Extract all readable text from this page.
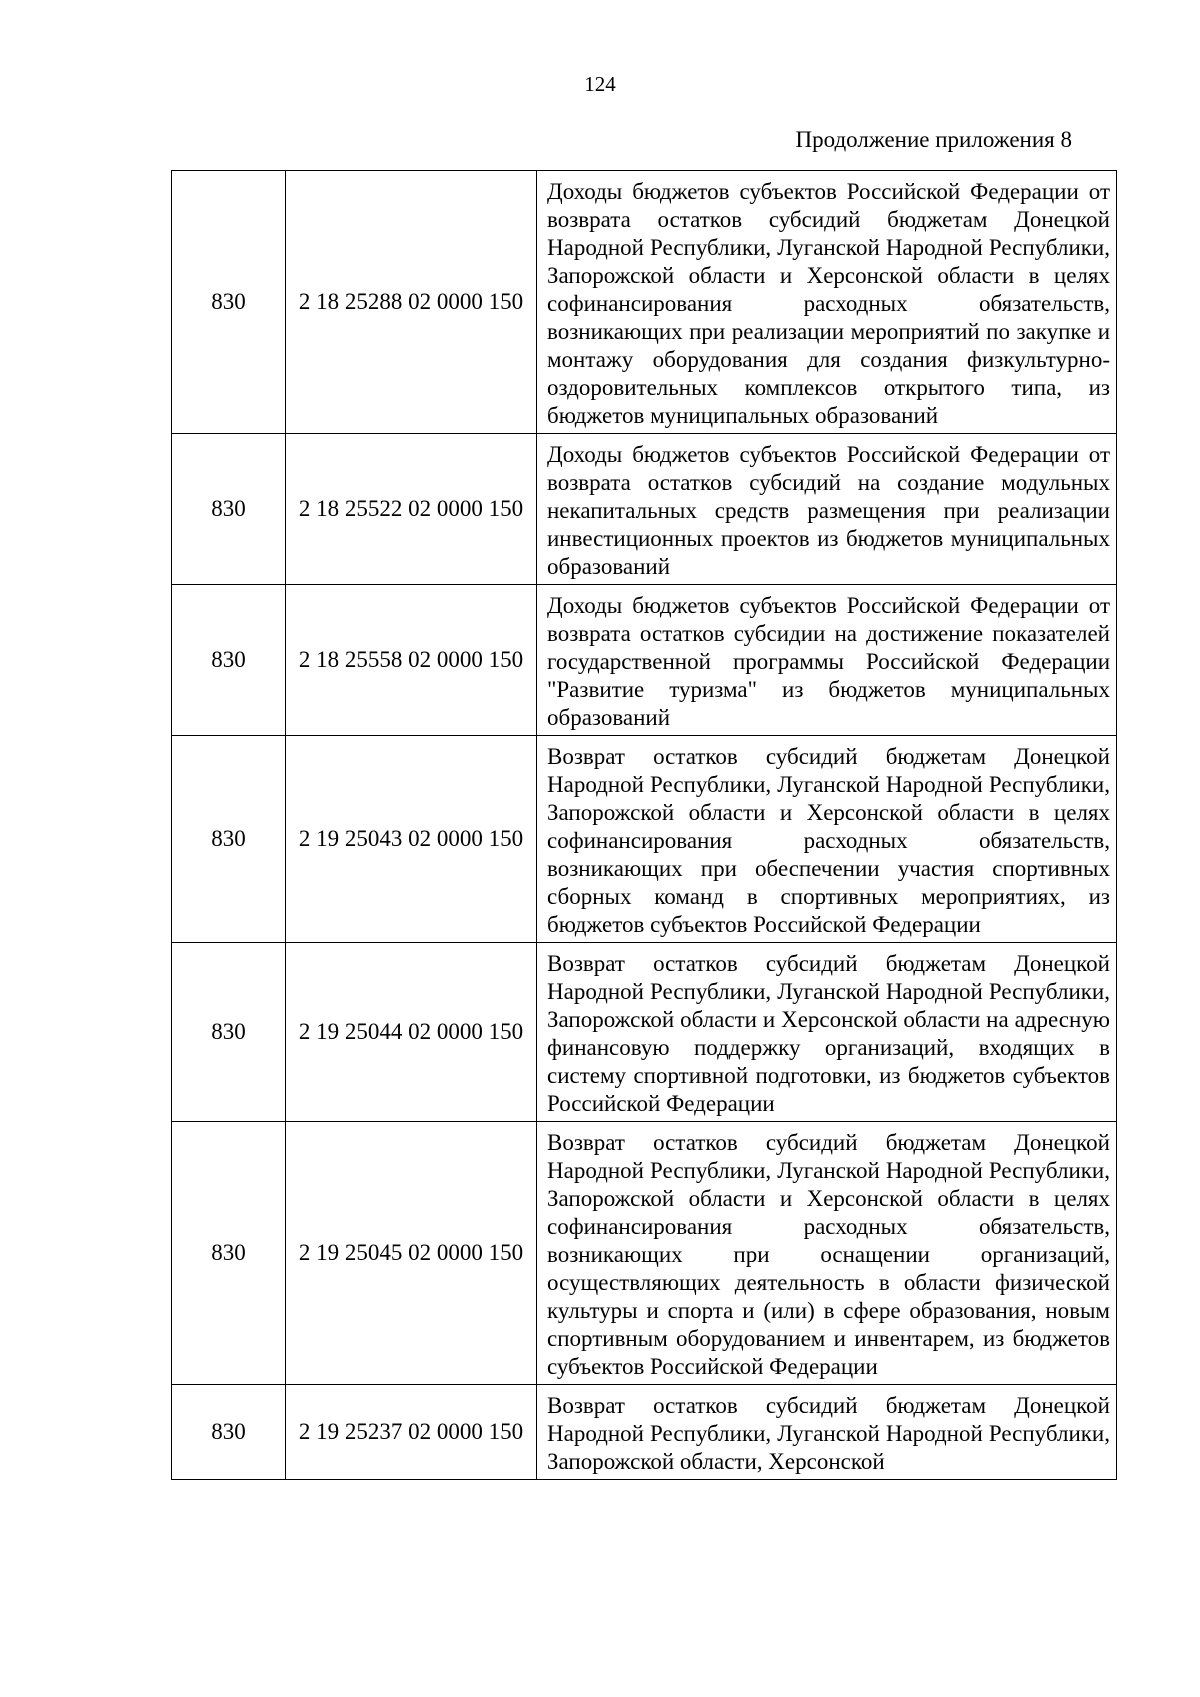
124
Продолжение приложения 8
830	2 18 25288 02 0000 150	Доходы бюджетов субъектов Российской Федерации от возврата остатков субсидий бюджетам Донецкой Народной Республики, Луганской Народной Республики, Запорожской области и Херсонской области в целях софинансирования расходных обязательств, возникающих при реализации мероприятий по закупке и монтажу оборудования для создания физкультурно-оздоровительных комплексов открытого типа, из бюджетов муниципальных образований
830	2 18 25522 02 0000 150	Доходы бюджетов субъектов Российской Федерации от возврата остатков субсидий на создание модульных некапитальных средств размещения при реализации инвестиционных проектов из бюджетов муниципальных образований
830	2 18 25558 02 0000 150	Доходы бюджетов субъектов Российской Федерации от возврата остатков субсидии на достижение показателей государственной программы Российской Федерации "Развитие туризма" из бюджетов муниципальных образований
830	2 19 25043 02 0000 150	Возврат остатков субсидий бюджетам Донецкой Народной Республики, Луганской Народной Республики, Запорожской области и Херсонской области в целях софинансирования расходных обязательств, возникающих при обеспечении участия спортивных сборных команд в спортивных мероприятиях, из бюджетов субъектов Российской Федерации
830	2 19 25044 02 0000 150	Возврат остатков субсидий бюджетам Донецкой Народной Республики, Луганской Народной Республики, Запорожской области и Херсонской области на адресную финансовую поддержку организаций, входящих в систему спортивной подготовки, из бюджетов субъектов Российской Федерации
830	2 19 25045 02 0000 150	Возврат остатков субсидий бюджетам Донецкой Народной Республики, Луганской Народной Республики, Запорожской области и Херсонской области в целях софинансирования расходных обязательств, возникающих при оснащении организаций, осуществляющих деятельность в области физической культуры и спорта и (или) в сфере образования, новым спортивным оборудованием и инвентарем, из бюджетов субъектов Российской Федерации
830	2 19 25237 02 0000 150	Возврат остатков субсидий бюджетам Донецкой Народной Республики, Луганской Народной Республики, Запорожской области, Херсонской
